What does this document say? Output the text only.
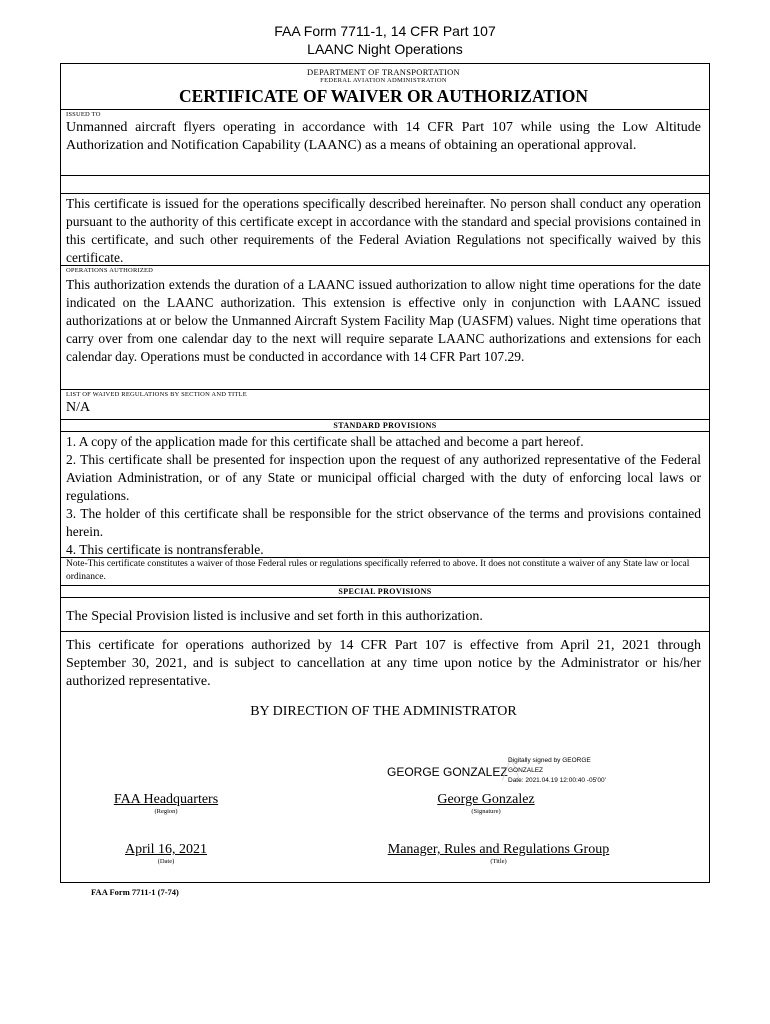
FAA Form 7711-1, 14 CFR Part 107
LAANC Night Operations
DEPARTMENT OF TRANSPORTATION
FEDERAL AVIATION ADMINISTRATION
CERTIFICATE OF WAIVER OR AUTHORIZATION
ISSUED TO
Unmanned aircraft flyers operating in accordance with 14 CFR Part 107 while using the Low Altitude Authorization and Notification Capability (LAANC) as a means of obtaining an operational approval.
This certificate is issued for the operations specifically described hereinafter. No person shall conduct any operation pursuant to the authority of this certificate except in accordance with the standard and special provisions contained in this certificate, and such other requirements of the Federal Aviation Regulations not specifically waived by this certificate.
OPERATIONS AUTHORIZED
This authorization extends the duration of a LAANC issued authorization to allow night time operations for the date indicated on the LAANC authorization. This extension is effective only in conjunction with LAANC issued authorizations at or below the Unmanned Aircraft System Facility Map (UASFM) values. Night time operations that carry over from one calendar day to the next will require separate LAANC authorizations and extensions for each calendar day. Operations must be conducted in accordance with 14 CFR Part 107.29.
LIST OF WAIVED REGULATIONS BY SECTION AND TITLE
N/A
STANDARD PROVISIONS
1. A copy of the application made for this certificate shall be attached and become a part hereof.
2. This certificate shall be presented for inspection upon the request of any authorized representative of the Federal Aviation Administration, or of any State or municipal official charged with the duty of enforcing local laws or regulations.
3. The holder of this certificate shall be responsible for the strict observance of the terms and provisions contained herein.
4. This certificate is nontransferable.
Note-This certificate constitutes a waiver of those Federal rules or regulations specifically referred to above. It does not constitute a waiver of any State law or local ordinance.
SPECIAL PROVISIONS
The Special Provision listed is inclusive and set forth in this authorization.
This certificate for operations authorized by 14 CFR Part 107 is effective from April 21, 2021 through September 30, 2021, and is subject to cancellation at any time upon notice by the Administrator or his/her authorized representative.
BY DIRECTION OF THE ADMINISTRATOR
GEORGE GONZALEZ
Digitally signed by GEORGE
GONZALEZ
Date: 2021.04.19 12:00:40 -05'00'
FAA Headquarters
(Region)
George Gonzalez
(Signature)
April 16, 2021
(Date)
Manager, Rules and Regulations Group
(Title)
FAA Form 7711-1 (7-74)
